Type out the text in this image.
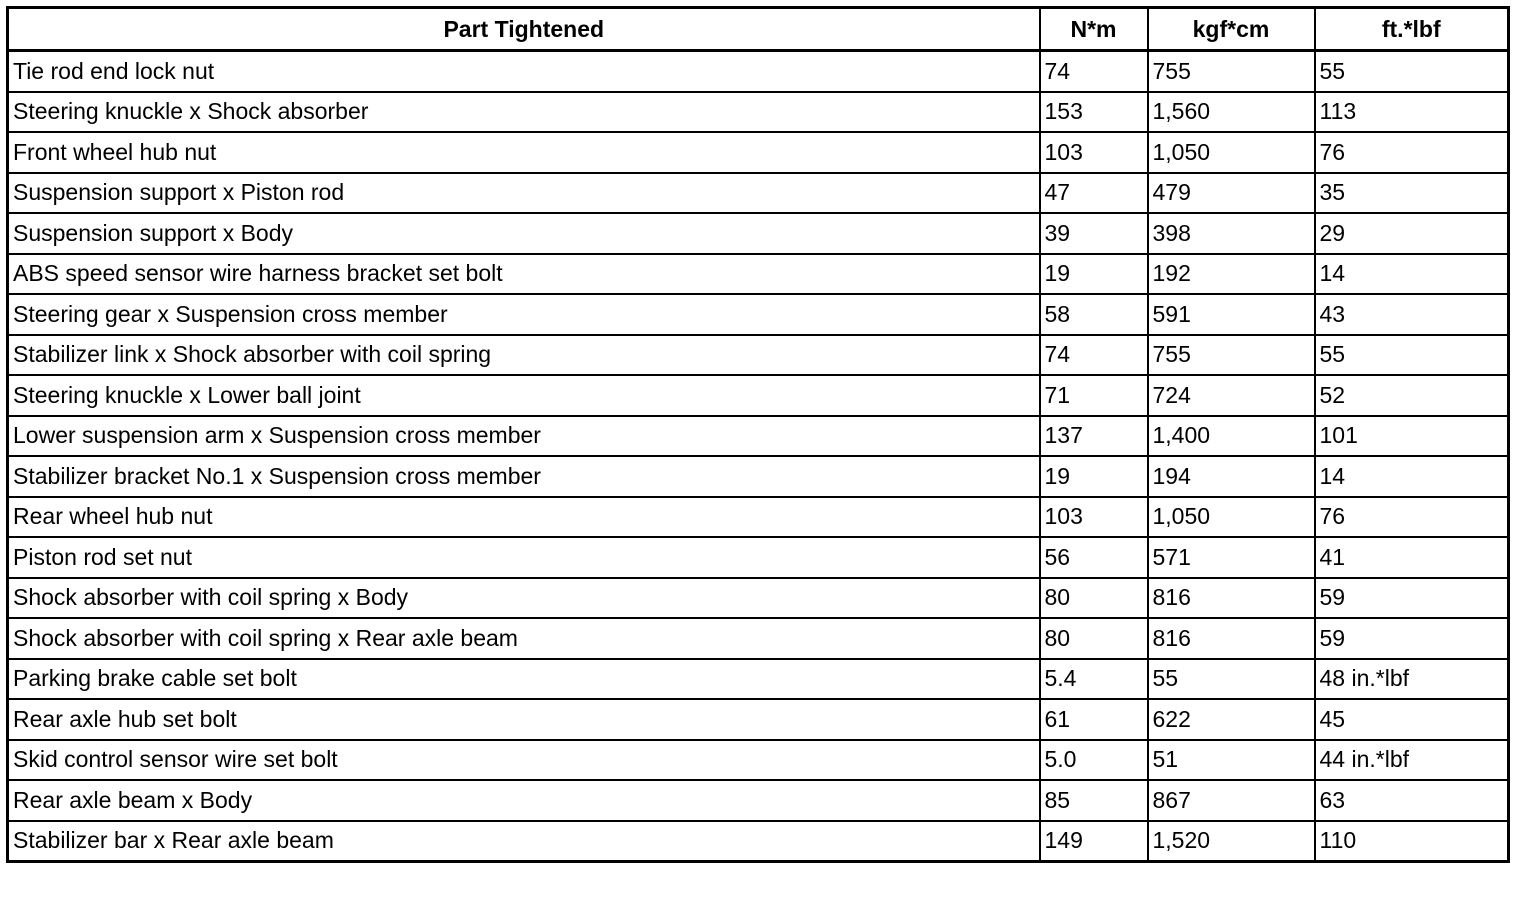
Part Tightened	N*m	kgf*cm	ft.*lbf
Tie rod end lock nut	74	755	55
Steering knuckle x Shock absorber	153	1,560	113
Front wheel hub nut	103	1,050	76
Suspension support x Piston rod	47	479	35
Suspension support x Body	39	398	29
ABS speed sensor wire harness bracket set bolt	19	192	14
Steering gear x Suspension cross member	58	591	43
Stabilizer link x Shock absorber with coil spring	74	755	55
Steering knuckle x Lower ball joint	71	724	52
Lower suspension arm x Suspension cross member	137	1,400	101
Stabilizer bracket No.1 x Suspension cross member	19	194	14
Rear wheel hub nut	103	1,050	76
Piston rod set nut	56	571	41
Shock absorber with coil spring x Body	80	816	59
Shock absorber with coil spring x Rear axle beam	80	816	59
Parking brake cable set bolt	5.4	55	48 in.*lbf
Rear axle hub set bolt	61	622	45
Skid control sensor wire set bolt	5.0	51	44 in.*lbf
Rear axle beam x Body	85	867	63
Stabilizer bar x Rear axle beam	149	1,520	110
